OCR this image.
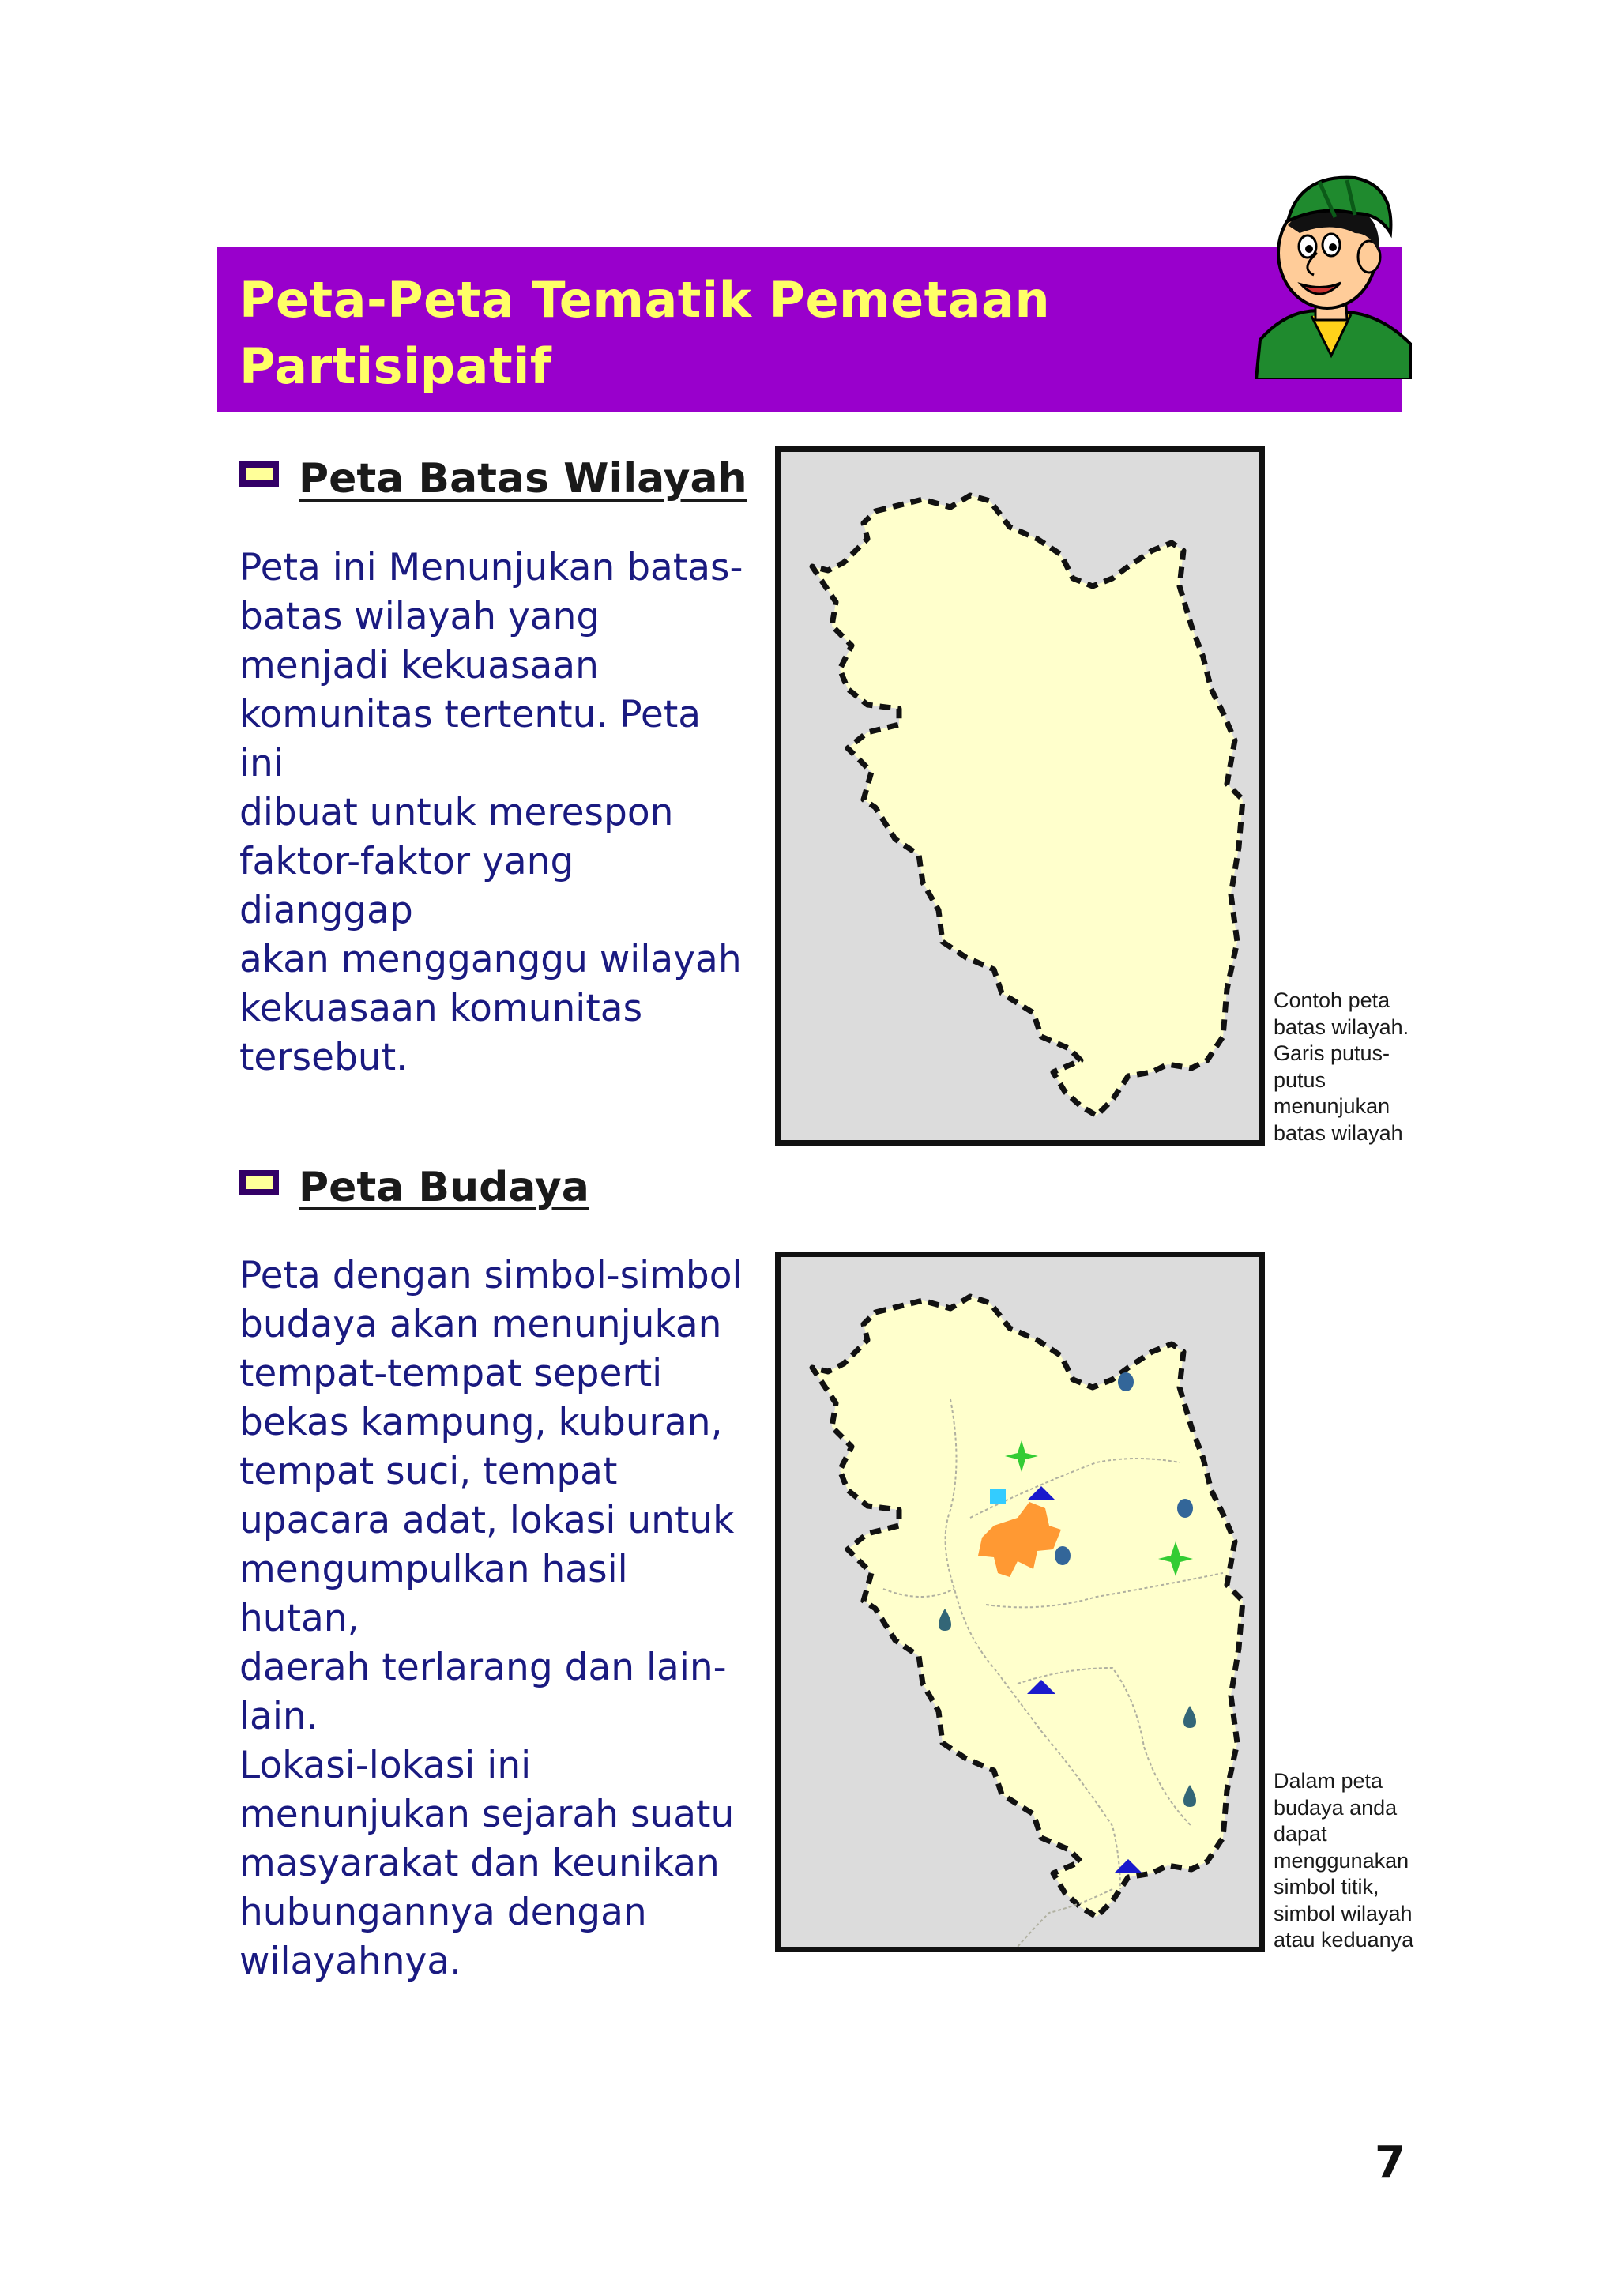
Peta-Peta Tematik Pemetaan Partisipatif
Peta Batas Wilayah
Peta ini Menunjukan batas-
batas wilayah yang
menjadi kekuasaan
komunitas tertentu. Peta ini
dibuat untuk merespon
faktor-faktor yang dianggap
akan mengganggu wilayah
kekuasaan komunitas
tersebut.
Contoh peta
batas wilayah.
Garis putus-
putus
menunjukan
batas wilayah
Peta Budaya
Peta dengan simbol-simbol
budaya akan menunjukan
tempat-tempat seperti
bekas kampung, kuburan,
tempat suci, tempat
upacara adat, lokasi untuk
mengumpulkan hasil hutan,
daerah terlarang dan lain-
lain.
Lokasi-lokasi ini
menunjukan sejarah suatu
masyarakat dan keunikan
hubungannya dengan
wilayahnya.
Dalam peta
budaya anda
dapat
menggunakan
simbol titik,
simbol wilayah
atau keduanya
7
